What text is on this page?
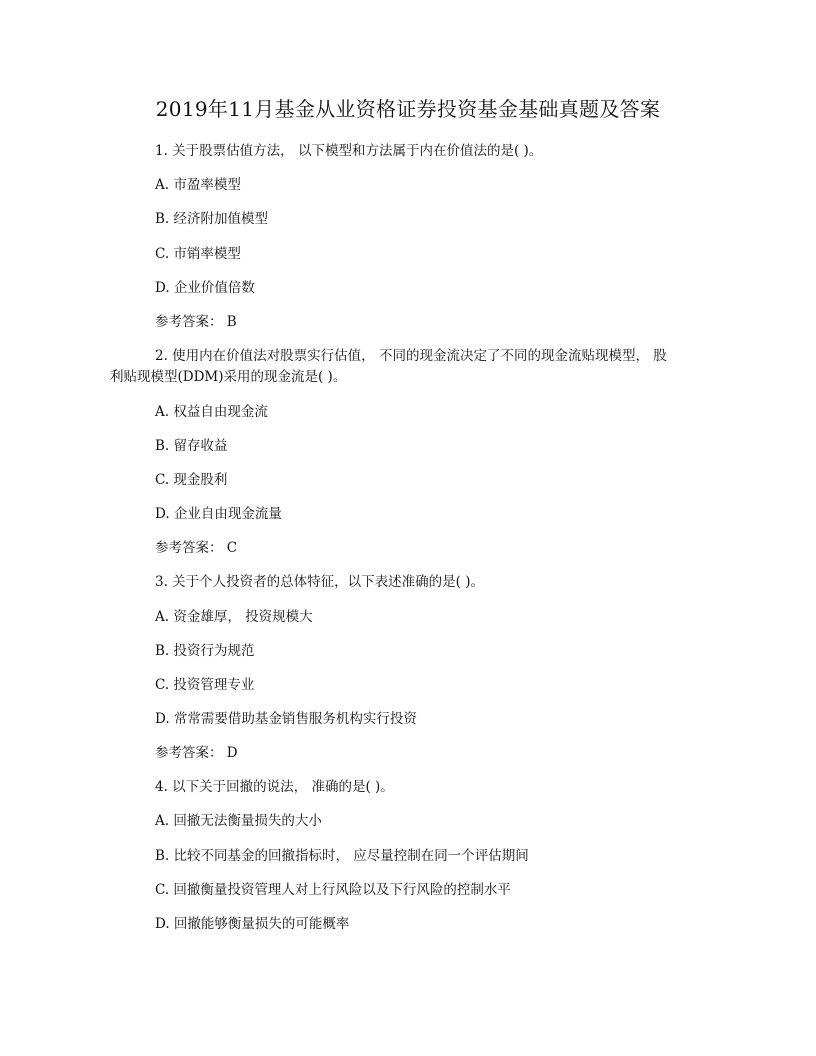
2019年11月基金从业资格证券投资基金基础真题及答案
1. 关于股票估值方法， 以下模型和方法属于内在价值法的是( )。
A. 市盈率模型
B. 经济附加值模型
C. 市销率模型
D. 企业价值倍数
参考答案： B
2. 使用内在价值法对股票实行估值， 不同的现金流决定了不同的现金流贴现模型， 股
利贴现模型(DDM)采用的现金流是( )。
A. 权益自由现金流
B. 留存收益
C. 现金股利
D. 企业自由现金流量
参考答案： C
3. 关于个人投资者的总体特征，以下表述准确的是( )。
A. 资金雄厚， 投资规模大
B. 投资行为规范
C. 投资管理专业
D. 常常需要借助基金销售服务机构实行投资
参考答案： D
4. 以下关于回撤的说法， 准确的是( )。
A. 回撤无法衡量损失的大小
B. 比较不同基金的回撤指标时， 应尽量控制在同一个评估期间
C. 回撤衡量投资管理人对上行风险以及下行风险的控制水平
D. 回撤能够衡量损失的可能概率
